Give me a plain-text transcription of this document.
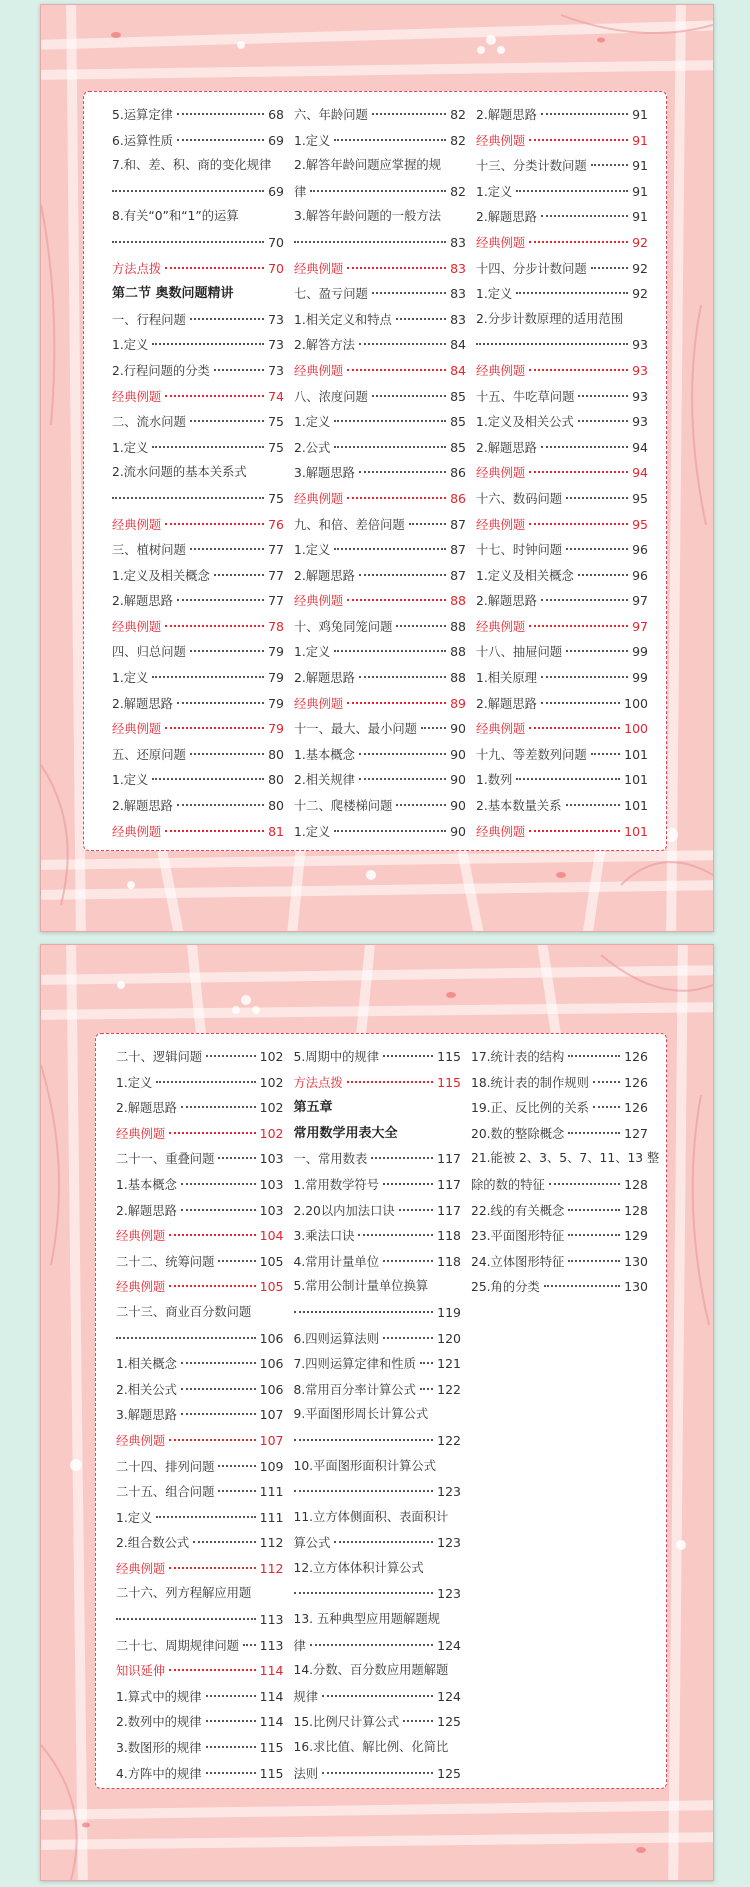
5.运算定律	68
6.运算性质	69
7.和、差、积、商的变化规律
69
8.有关“0”和“1”的运算
70
方法点拨	70
第二节 奥数问题精讲
一、行程问题	73
1.定义	73
2.行程问题的分类	73
经典例题	74
二、流水问题	75
1.定义	75
2.流水问题的基本关系式
75
经典例题	76
三、植树问题	77
1.定义及相关概念	77
2.解题思路	77
经典例题	78
四、归总问题	79
1.定义	79
2.解题思路	79
经典例题	79
五、还原问题	80
1.定义	80
2.解题思路	80
经典例题	81
六、年龄问题	82
1.定义	82
2.解答年龄问题应掌握的规
律	82
3.解答年龄问题的一般方法
83
经典例题	83
七、盈亏问题	83
1.相关定义和特点	83
2.解答方法	84
经典例题	84
八、浓度问题	85
1.定义	85
2.公式	85
3.解题思路	86
经典例题	86
九、和倍、差倍问题	87
1.定义	87
2.解题思路	87
经典例题	88
十、鸡兔同笼问题	88
1.定义	88
2.解题思路	88
经典例题	89
十一、最大、最小问题	90
1.基本概念	90
2.相关规律	90
十二、爬楼梯问题	90
1.定义	90
2.解题思路	91
经典例题	91
十三、分类计数问题	91
1.定义	91
2.解题思路	91
经典例题	92
十四、分步计数问题	92
1.定义	92
2.分步计数原理的适用范围
93
经典例题	93
十五、牛吃草问题	93
1.定义及相关公式	93
2.解题思路	94
经典例题	94
十六、数码问题	95
经典例题	95
十七、时钟问题	96
1.定义及相关概念	96
2.解题思路	97
经典例题	97
十八、抽屉问题	99
1.相关原理	99
2.解题思路	100
经典例题	100
十九、等差数列问题	101
1.数列	101
2.基本数量关系	101
经典例题	101
二十、逻辑问题	102
1.定义	102
2.解题思路	102
经典例题	102
二十一、重叠问题	103
1.基本概念	103
2.解题思路	103
经典例题	104
二十二、统筹问题	105
经典例题	105
二十三、商业百分数问题
106
1.相关概念	106
2.相关公式	106
3.解题思路	107
经典例题	107
二十四、排列问题	109
二十五、组合问题	111
1.定义	111
2.组合数公式	112
经典例题	112
二十六、列方程解应用题
113
二十七、周期规律问题 113
知识延伸	114
1.算式中的规律	114
2.数列中的规律	114
3.数图形的规律	115
4.方阵中的规律	115
5.周期中的规律	115
方法点拨	115
第五章
常用数学用表大全
一、常用数表	117
1.常用数学符号	117
2.20以内加法口诀	117
3.乘法口诀	118
4.常用计量单位	118
5.常用公制计量单位换算
119
6.四则运算法则	120
7.四则运算定律和性质 121
8.常用百分率计算公式 122
9.平面图形周长计算公式
122
10.平面图形面积计算公式
123
11.立方体侧面积、表面积计
算公式	123
12.立方体体积计算公式
123
13. 五种典型应用题解题规
律	124
14.分数、百分数应用题解题
规律	124
15.比例尺计算公式	125
16.求比值、解比例、化简比
法则	125
17.统计表的结构	126
18.统计表的制作规则	126
19.正、反比例的关系	126
20.数的整除概念	127
21.能被 2、3、5、7、11、13 整
除的数的特征	128
22.线的有关概念	128
23.平面图形特征	129
24.立体图形特征	130
25.角的分类	130
